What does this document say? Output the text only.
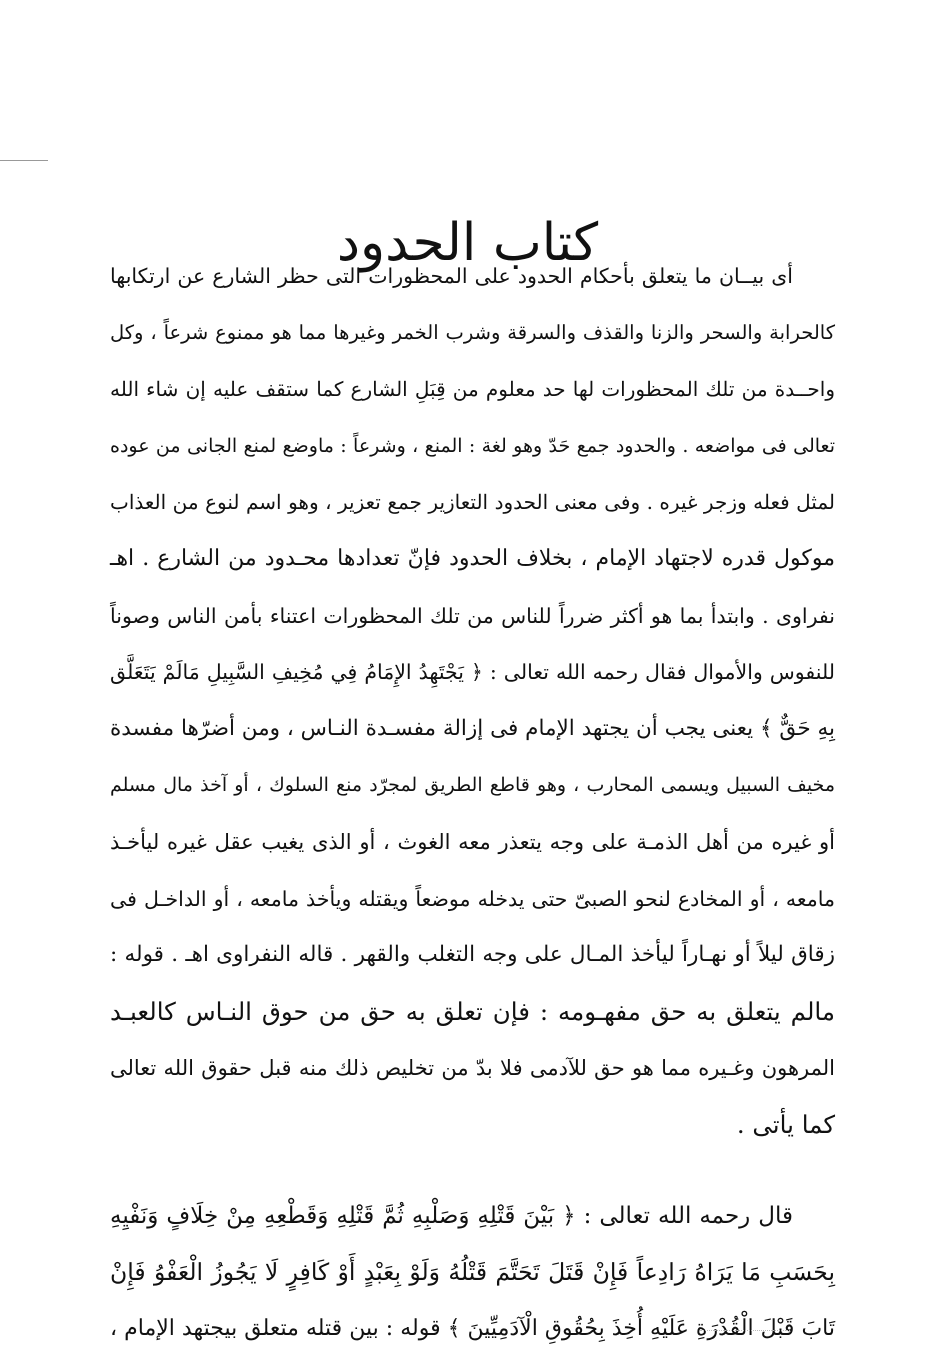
كتاب الحدود
أى بيــان ما يتعلق بأحكام الحدود على المحظورات التى حظر الشارع عن ارتكابها
كالحرابة والسحر والزنا والقذف والسرقة وشرب الخمر وغيرها مما هو ممنوع شرعاً ، وكل
واحــدة من تلك المحظورات لها حد معلوم من قِبَلِ الشارع كما ستقف عليه إن شاء الله
تعالى فى مواضعه . والحدود جمع حَدّ وهو لغة : المنع ، وشرعاً : ماوضع لمنع الجانى من عوده
لمثل فعله وزجر غيره . وفى معنى الحدود التعازير جمع تعزير ، وهو اسم لنوع من العذاب
موكول قدره لاجتهاد الإمام ، بخلاف الحدود فإنّ تعدادها محـدود من الشارع . اهـ
نفراوى . وابتدأ بما هو أكثر ضرراً للناس من تلك المحظورات اعتناء بأمن الناس وصوناً
للنفوس والأموال فقال رحمه الله تعالى : ﴿ يَجْتَهِدُ الإِمَامُ فِي مُخِيفِ السَّبِيلِ مَالَمْ يَتَعَلَّق
بِهِ حَقٌّ ﴾ يعنى يجب أن يجتهد الإمام فى إزالة مفسـدة النـاس ، ومن أضرّها مفسدة
مخيف السبيل ويسمى المحارب ، وهو قاطع الطريق لمجرّد منع السلوك ، أو آخذ مال مسلم
أو غيره من أهل الذمـة على وجه يتعذر معه الغوث ، أو الذى يغيب عقل غيره ليأخـذ
مامعه ، أو المخادع لنحو الصبىّ حتى يدخله موضعاً ويقتله ويأخذ مامعه ، أو الداخـل فى
زقاق ليلاً أو نهـاراً ليأخذ المـال على وجه التغلب والقهر . قاله النفراوى اهـ . قوله :
مالم يتعلق به حق مفهـومه : فإن تعلق به حق من حوق النـاس كالعبـد
المرهون وغـيره مما هو حق للآدمى فلا بدّ من تخليص ذلك منه قبل حقوق الله تعالى
كما يأتى .
قال رحمه الله تعالى : ﴿ بَيْنَ قَتْلِهِ وَصَلْبِهِ ثُمَّ قَتْلِهِ وَقَطْعِهِ مِنْ خِلَافٍ وَنَفْيِهِ
بِحَسَبِ مَا يَرَاهُ رَادِعاً فَإِنْ قَتَلَ تَحَتَّمَ قَتْلُهُ وَلَوْ بِعَبْدٍ أَوْ كَافِرٍ لَا يَجُوزُ الْعَفْوُ فَإِنْ
تَابَ قَبْلَ الْقُدْرَةِ عَلَيْهِ أُخِذَ بِحُقُوقِ الْآدَمِيِّينَ ﴾ قوله : بين قتله متعلق بيجتهد الإمام ،
